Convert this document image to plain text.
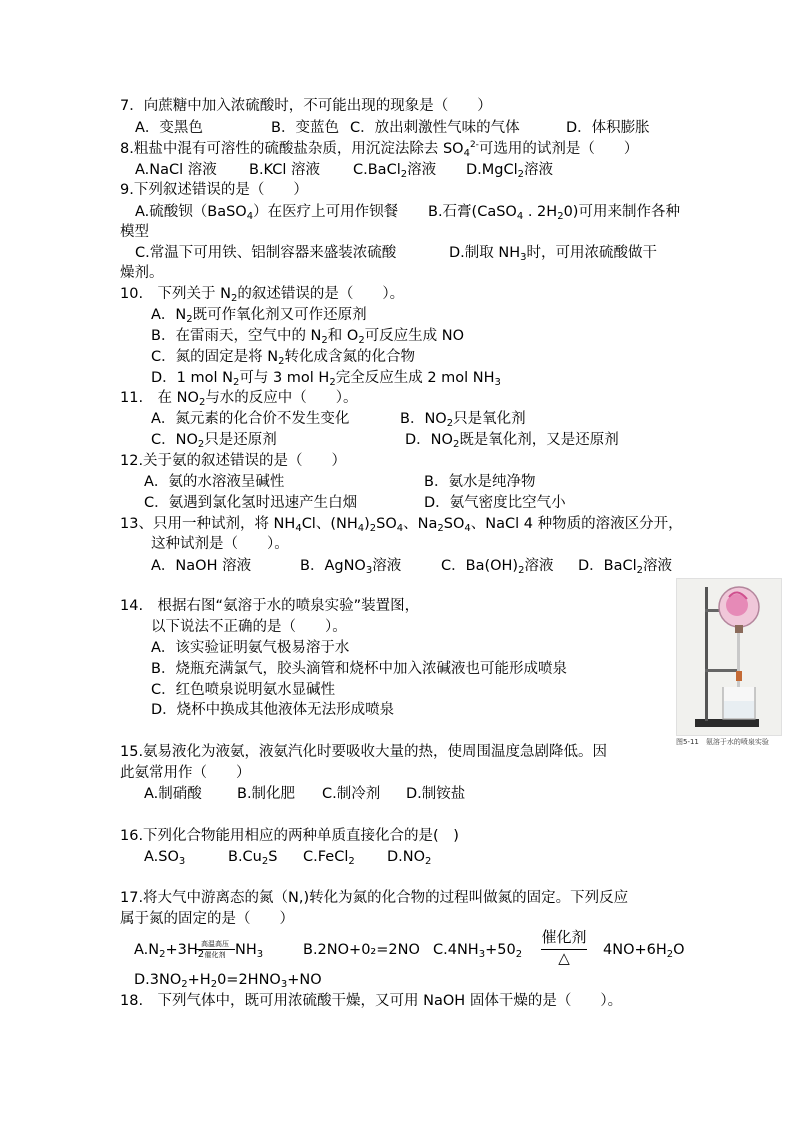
7．向蔗糖中加入浓硫酸时，不可能出现的现象是（　　）
A．变黑色	B．变蓝色 C．放出刺激性气味的气体	D．体积膨胀
8.粗盐中混有可溶性的硫酸盐杂质，用沉淀法除去 $SO_4^{2-}$可选用的试剂是（　　）
A.NaCl 溶液 B.KCl 溶液 C.BaCl$_2$溶液 D.MgCl$_2$溶液
9.下列叙述错误的是（　　）
A.硫酸钡（BaSO$_4$）在医疗上可用作钡餐 B.石膏(CaSO$_4$ . $2H_20$)可用来制作各种
模型
C.常温下可用铁、铝制容器来盛装浓硫酸	D.制取 $NH_3$时，可用浓硫酸做干
燥剂。
10.　下列关于 $N_2$的叙述错误的是（　　）。
A．$N_2$既可作氧化剂又可作还原剂
B．在雷雨天，空气中的 $N_2$和 $O_2$可反应生成 NO
C．氮的固定是将 $N_2$转化成含氮的化合物
D．1 mol $N_2$可与 3 mol $H_2$完全反应生成 2 mol $NH_3$
11.　在 $NO_2$与水的反应中（　　）。
A．氮元素的化合价不发生变化	B．$NO_2$只是氧化剂
C．$NO_2$只是还原剂	D．$NO_2$既是氧化剂，又是还原剂
12.关于氨的叙述错误的是（　　）
A．氨的水溶液呈碱性	B．氨水是纯净物
C．氨遇到氯化氢时迅速产生白烟	D．氨气密度比空气小
13、只用一种试剂，将 $NH_4Cl$、$(NH_4)_2SO_4$、$Na_2SO_4$、NaCl 4 种物质的溶液区分开，
这种试剂是（　　）。
A．NaOH 溶液	B．AgNO$_3$溶液	C．$Ba(OH)_2$溶液 D．BaCl$_2$溶液
图5-11　氨溶于水的喷泉实验
14.　根据右图“氨溶于水的喷泉实验”装置图，
以下说法不正确的是（　　）。
A．该实验证明氨气极易溶于水
B．烧瓶充满氯气，胶头滴管和烧杯中加入浓碱液也可能形成喷泉
C．红色喷泉说明氨水显碱性
D．烧杯中换成其他液体无法形成喷泉
15.氨易液化为液氨，液氨汽化时要吸收大量的热，使周围温度急剧降低。因
此氨常用作（　　）
A.制硝酸 B.制化肥 C.制冷剂 D.制铵盐
16.下列化合物能用相应的两种单质直接化合的是(　)
$A.SO_3$	$B.Cu_2S$ C.FeCl$_2$ $D.NO_2$
17.将大气中游离态的氮（N,)转化为氮的化合物的过程叫做氮的固定。下列反应
属于氮的固定的是（　　）
$A.N_2+3H_2$
高温高压
催化剂 $NH_3$	B.2NO+0₂=2NO $C.4NH_3+50_2$
催化剂
△	$4NO+6H_2O$
$D.3NO_2+H_20=2HNO_3+NO$
18.　下列气体中，既可用浓硫酸干燥，又可用 NaOH 固体干燥的是（　　）。
